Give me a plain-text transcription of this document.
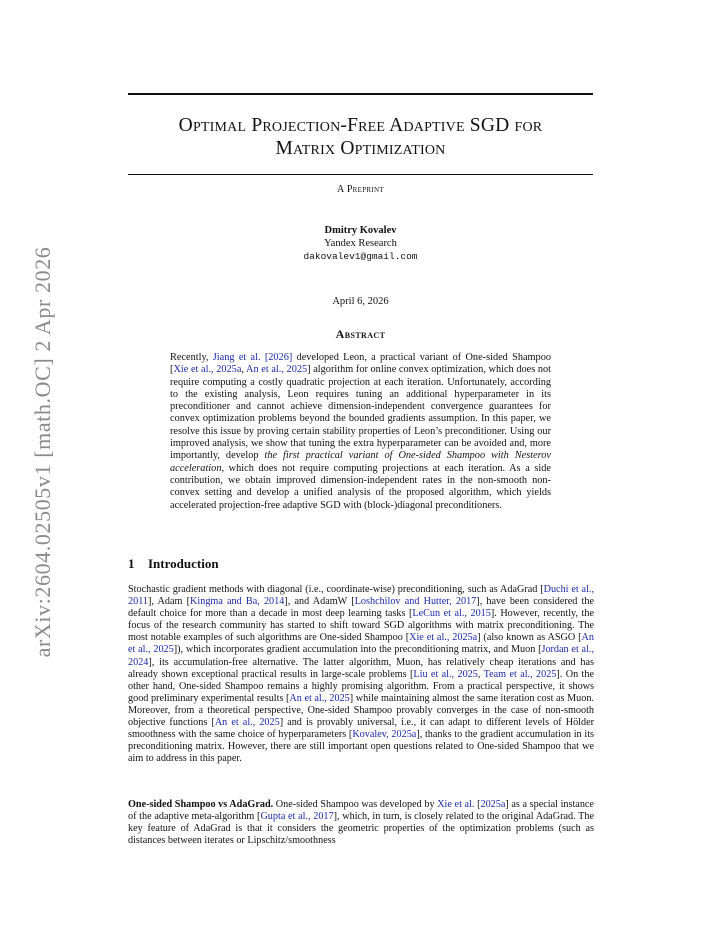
arXiv:2604.02505v1 [math.OC] 2 Apr 2026
Optimal Projection-Free Adaptive SGD for
Matrix Optimization
A Preprint
Dmitry Kovalev
Yandex Research
dakovalev1@gmail.com
April 6, 2026
Abstract
Recently, Jiang et al. [2026] developed Leon, a practical variant of One-sided Shampoo [Xie et al., 2025a, An et al., 2025] algorithm for online convex optimization, which does not require computing a costly quadratic projection at each iteration. Unfortunately, according to the existing analysis, Leon requires tuning an additional hyperparameter in its preconditioner and cannot achieve dimension-independent convergence guarantees for convex optimization problems beyond the bounded gradients assumption. In this paper, we resolve this issue by proving certain stability properties of Leon’s preconditioner. Using our improved analysis, we show that tuning the extra hyperparameter can be avoided and, more importantly, develop the first practical variant of One-sided Shampoo with Nesterov acceleration, which does not require computing projections at each iteration. As a side contribution, we obtain improved dimension-independent rates in the non-smooth non-convex setting and develop a unified analysis of the proposed algorithm, which yields accelerated projection-free adaptive SGD with (block-)diagonal preconditioners.
1 Introduction
Stochastic gradient methods with diagonal (i.e., coordinate-wise) preconditioning, such as AdaGrad [Duchi et al., 2011], Adam [Kingma and Ba, 2014], and AdamW [Loshchilov and Hutter, 2017], have been considered the default choice for more than a decade in most deep learning tasks [LeCun et al., 2015]. However, recently, the focus of the research community has started to shift toward SGD algorithms with matrix preconditioning. The most notable examples of such algorithms are One-sided Shampoo [Xie et al., 2025a] (also known as ASGO [An et al., 2025]), which incorporates gradient accumulation into the preconditioning matrix, and Muon [Jordan et al., 2024], its accumulation-free alternative. The latter algorithm, Muon, has relatively cheap iterations and has already shown exceptional practical results in large-scale problems [Liu et al., 2025, Team et al., 2025]. On the other hand, One-sided Shampoo remains a highly promising algorithm. From a practical perspective, it shows good preliminary experimental results [An et al., 2025] while maintaining almost the same iteration cost as Muon. Moreover, from a theoretical perspective, One-sided Shampoo provably converges in the case of non-smooth objective functions [An et al., 2025] and is provably universal, i.e., it can adapt to different levels of Hölder smoothness with the same choice of hyperparameters [Kovalev, 2025a], thanks to the gradient accumulation in its preconditioning matrix. However, there are still important open questions related to One-sided Shampoo that we aim to address in this paper.
One-sided Shampoo vs AdaGrad. One-sided Shampoo was developed by Xie et al. [2025a] as a special instance of the adaptive meta-algorithm [Gupta et al., 2017], which, in turn, is closely related to the original AdaGrad. The key feature of AdaGrad is that it considers the geometric properties of the optimization problems (such as distances between iterates or Lipschitz/smoothness
